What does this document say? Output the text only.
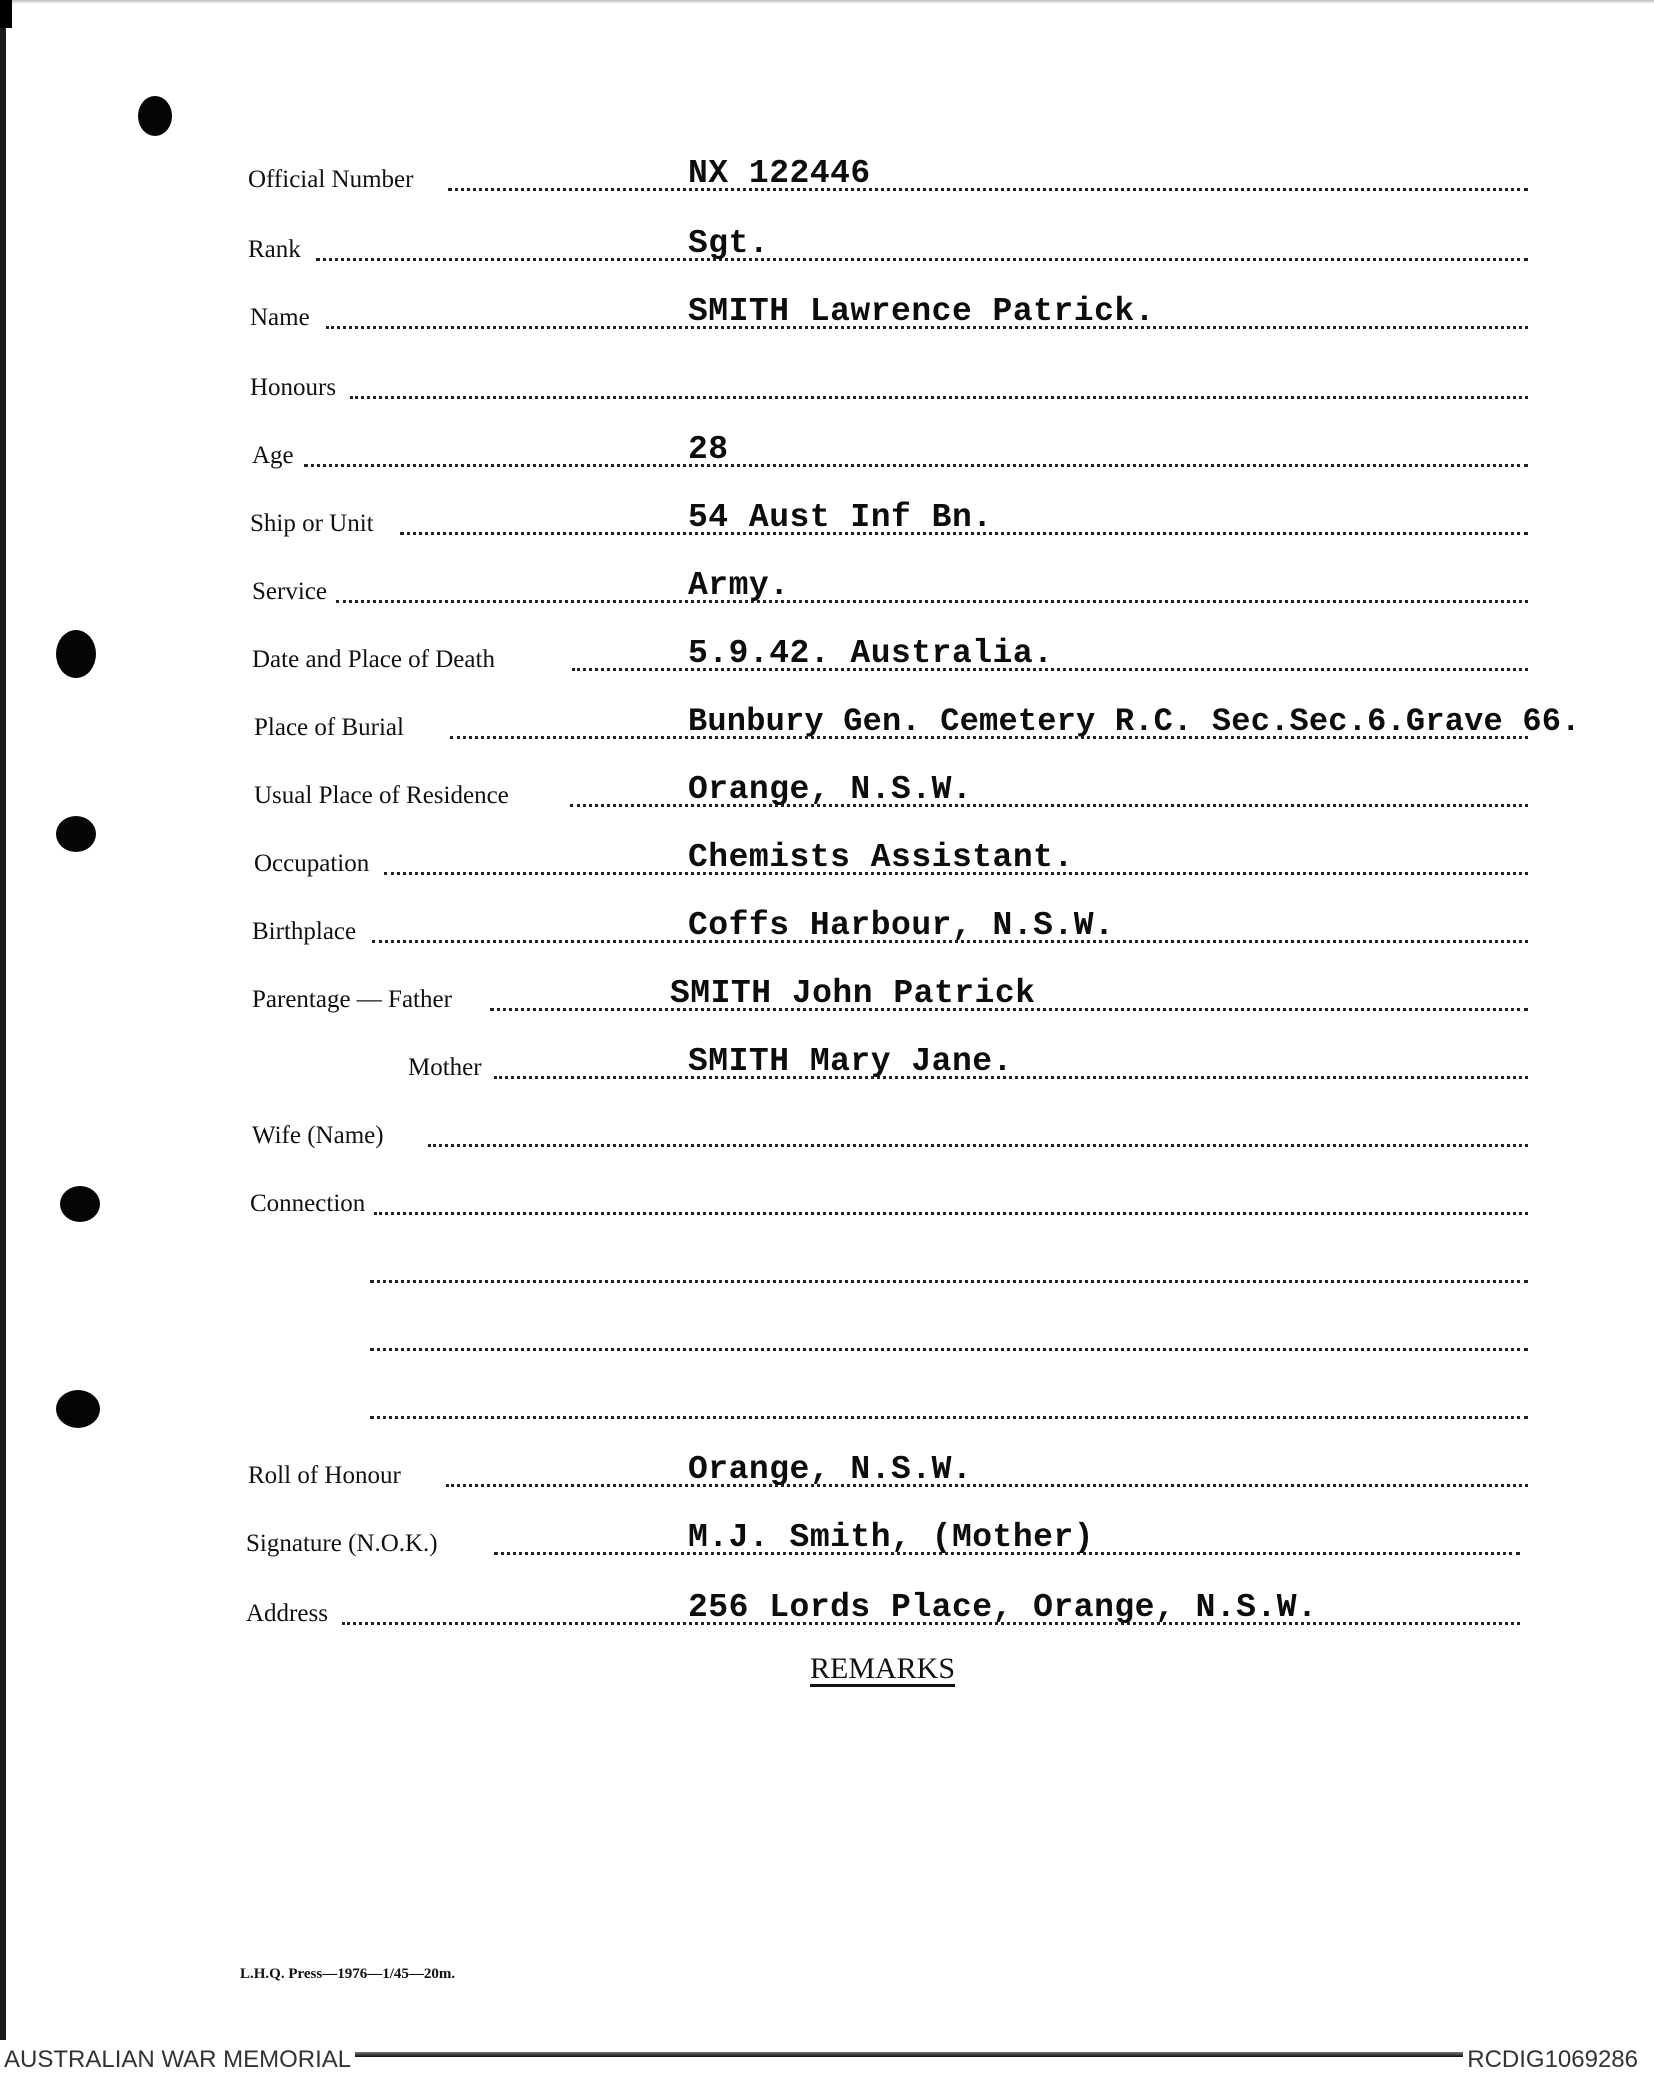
Official Number	NX 122446
Rank	Sgt.
Name	SMITH Lawrence Patrick.
Honours
Age	28
Ship or Unit	54 Aust Inf Bn.
Service	Army.
Date and Place of Death	5.9.42. Australia.
Place of Burial	Bunbury Gen. Cemetery R.C. Sec.Sec.6.Grave 66.
Usual Place of Residence	Orange, N.S.W.
Occupation	Chemists Assistant.
Birthplace	Coffs Harbour, N.S.W.
Parentage — Father	SMITH John Patrick
Mother	SMITH Mary Jane.
Wife (Name)
Connection
Roll of Honour	Orange, N.S.W.
Signature (N.O.K.)	M.J. Smith, (Mother)
Address	256 Lords Place, Orange, N.S.W.
REMARKS
L.H.Q. Press—1976—1/45—20m.
AUSTRALIAN WAR MEMORIAL	RCDIG1069286
